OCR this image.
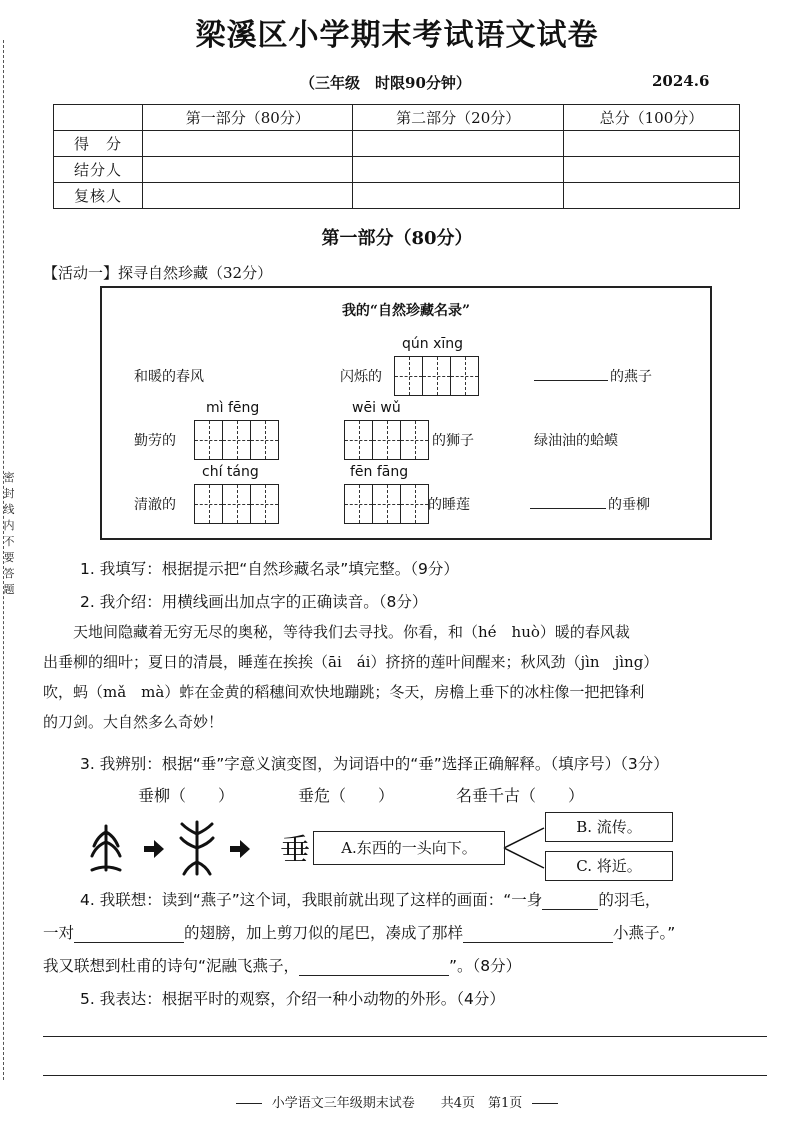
密封线内不要答题
梁溪区小学期末考试语文试卷
（三年级　时限90分钟）	2024.6
	第一部分（80分）	第二部分（20分）	总分（100分）
得　分			
结分人			
复核人			
第一部分（80分）
【活动一】探寻自然珍藏（32分）
我的“自然珍藏名录”
和暖的春风	闪烁的
qún xīng
的燕子
勤劳的
mì fēng	wēi wǔ
的狮子	绿油油的蛤蟆
清澈的
chí táng	fēn fāng
的睡莲	的垂柳
1. 我填写：根据提示把“自然珍藏名录”填完整。（9分）
2. 我介绍：用横线画出加点字的正确读音。（8分）
　　天地间隐藏着无穷无尽的奥秘，等待我们去寻找。你看，和（hé　huò）暖的春风裁
出垂柳的细叶；夏日的清晨，睡莲在挨挨（āi　ái）挤挤的莲叶间醒来；秋风劲（jìn　jìng）
吹，蚂（mǎ　mà）蚱在金黄的稻穗间欢快地蹦跳；冬天，房檐上垂下的冰柱像一把把锋利
的刀剑。大自然多么奇妙！
3. 我辨别：根据“垂”字意义演变图，为词语中的“垂”选择正确解释。（填序号）（3分）
垂柳（　　）	垂危（　　）	名垂千古（　　）
垂	A.东西的一头向下。
B. 流传。
C. 将近。
4. 我联想：读到“燕子”这个词，我眼前就出现了这样的画面：“一身	的羽毛，
一对	的翅膀，加上剪刀似的尾巴，凑成了那样	小燕子。”
我又联想到杜甫的诗句“泥融飞燕子，	”。（8分）
5. 我表达：根据平时的观察，介绍一种小动物的外形。（4分）
小学语文三年级期末试卷　　 共4页　 第1页
